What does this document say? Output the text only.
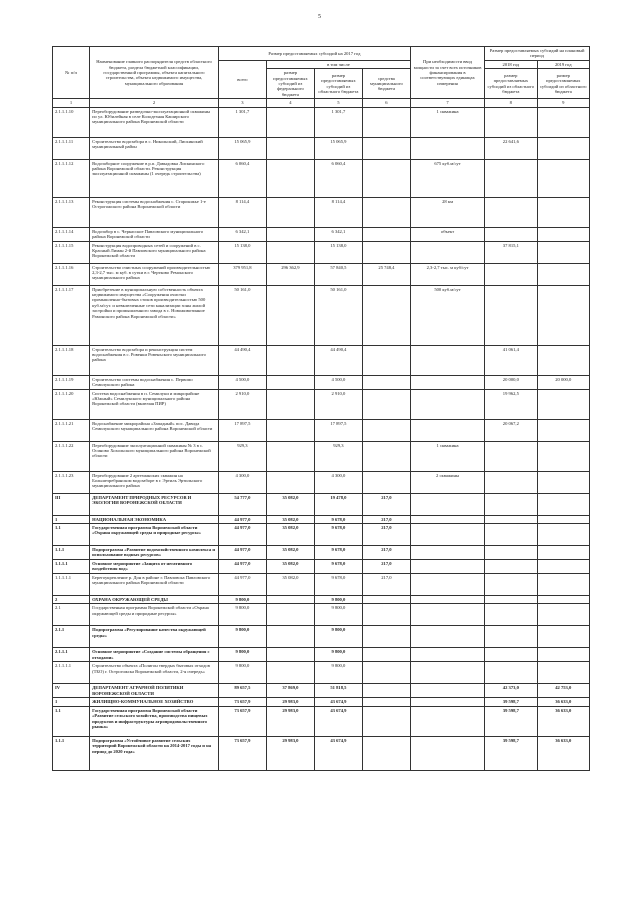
5
№ п/п	Наименование главного распорядителя средств областного бюджета, раздела бюджетной классификации, государственной программы, объекта капитального строительства, объекта недвижимого имущества, муниципального образования	Размер предоставляемых субсидий на 2017 год				При необходимости ввод мощности за счет всех источников финансирования в соответствующих единицах измерения	Размер предоставляемых субсидий на плановый период	
		всего	в том числе				2018 год	2019 год
			размер предоставляемых субсидий из федерального бюджета	размер предоставляемых субсидий из областного бюджета	средства муниципального бюджета		размер предоставляемых субсидий из областного бюджета	размер предоставляемых субсидий из областного бюджета

1	2	3	4	5	6	7	8	9
2.1.1.1.10	Переоборудование разведочно-эксплуатационной скважины по ул. Юбилейная в селе Колодезная Каширского муниципального района Воронежской области	1 301,7		1 301,7		1 скважина		
2.1.1.1.11	Строительство водозабора в с. Никольский, Лискинский муниципальный район	15 065,9		15 065,9			22 641,6	
2.1.1.1.12	Водозаборное сооружение в р.п. Давыдовка Лискинского района Воронежской области. Реконструкция эксплуатационной скважины (1 очередь строительства)	6 060,4		6 060,4		675 куб.м/сут		
2.1.1.1.13	Реконструкция системы водоснабжения с. Старокожье 1-е Острогожского района Воронежской области	8 114,4		8 114,4		28 км		
2.1.1.1.14	Водозабор в с. Черкасское Павловского муниципального района Воронежской области	6 342,1		6 342,1		объект		
2.1.1.1.15	Реконструкция водопроводных сетей и сооружений в с. Красный Лиман 2-й Павловского муниципального района Воронежской области	15 138,0		15 138,0			37 815,1	
2.1.1.1.16	Строительство очистных сооружений производительностью 2,3-2,7 тыс. м куб. в сутки в г. Чертково Ремонского муниципального района	379 951,8	296 362,9	57 840,5	25 748,4	2,3-2,7 тыс. м куб/сут		
2.1.1.1.17	Приобретение в муниципальную собственность объекта недвижимого имущества «Сооружения очистки промышленно-бытовых стоков производительностью 500 куб.м/сут. и невключенные сети канализации зоны жилой застройки и промышленного завода в с. Новоживотинное Рамонского района Воронежской области»	50 161,0		50 161,0		500 куб.м/сут		
2.1.1.1.18	Строительство водозабора и реконструкция систем водоснабжения в с. Ровенки Ровеньского муниципального района	44 490,4		44 490,4			41 061,4	
2.1.1.1.19	Строительство системы водоснабжения с. Первомо Семилукского района	4 500,0		4 500,0			20 000,0	20 000,0
2.1.1.1.20	Система водоснабжения в п. Семилуки и микрорайоне «Южный» Семилукского муниципального района Воронежской области (включая ПИР)	2 910,0		2 910,0			19 962,5	
2.1.1.1.21	Водоснабжение микрорайона «Западный» пос. Давида Семилукского муниципального района Воронежской области	17 897,5		17 897,5			20 067,2	
2.1.1.1.22	Переоборудование эксплуатационной скважины № 3 в с. Осиново Хохольского муниципального района Воронежской области	929,3		929,3		1 скважина		
2.1.1.1.23	Переоборудование 2 артезианских скважин на Большеэребранском водозаборе в г. Эртиль Эртильского муниципального района	4 300,0		4 300,0		2 скважины		
III	ДЕПАРТАМЕНТ ПРИРОДНЫХ РЕСУРСОВ И ЭКОЛОГИИ ВОРОНЕЖСКОЙ ОБЛАСТИ	54 777,0	35 082,0	19 478,0	217,0			
1	НАЦИОНАЛЬНАЯ ЭКОНОМИКА	44 977,0	35 082,0	9 678,0	217,0			
1.1	Государственная программа Воронежской области «Охрана окружающей среды и природные ресурсы»	44 977,0	35 082,0	9 678,0	217,0			
1.1.1	Подпрограмма «Развитие водохозяйственного комплекса и использование водных ресурсов»	44 977,0	35 082,0	9 678,0	217,0			
1.1.1.1	Основное мероприятие «Защита от негативного воздействия вод»	44 977,0	35 082,0	9 678,0	217,0			
1.1.1.1.1	Берегоукрепление р. Дон в районе г. Павловска Павловского муниципального района Воронежской области	44 977,0	35 082,0	9 678,0	217,0			
2	ОХРАНА ОКРУЖАЮЩЕЙ СРЕДЫ	9 800,0		9 800,0				
2.1	Государственная программа Воронежской области «Охрана окружающей среды и природные ресурсы»	9 800,0		9 800,0				
2.1.1	Подпрограмма «Регулирование качества окружающей среды»	9 800,0		9 800,0				
2.1.1.1	Основное мероприятие «Создание системы обращения с отходами»	9 800,0		9 800,0				
2.1.1.1.1	Строительство объекта «Полигон твердых бытовых отходов (ТБО) г. Острогожска Воронежской области, 2-я очередь»	9 800,0		9 800,0				
IV	ДЕПАРТАМЕНТ АГРАРНОЙ ПОЛИТИКИ ВОРОНЕЖСКОЙ ОБЛАСТИ	89 657,5	37 869,0	51 818,5			42 373,0	42 753,0
1	ЖИЛИЩНО-КОММУНАЛЬНОЕ ХОЗЯЙСТВО	73 657,9	29 983,0	43 674,9			39 598,7	36 633,0
1.1	Государственная программа Воронежской области «Развитие сельского хозяйства, производства пищевых продуктов и инфраструктуры агропродовольственного рынка»	73 657,9	29 983,0	43 674,9			39 598,7	36 633,0
1.1.1	Подпрограмма «Устойчивое развитие сельских территорий Воронежской области на 2014-2017 годы и на период до 2020 года»	73 657,9	29 983,0	43 674,9			39 598,7	36 633,0
